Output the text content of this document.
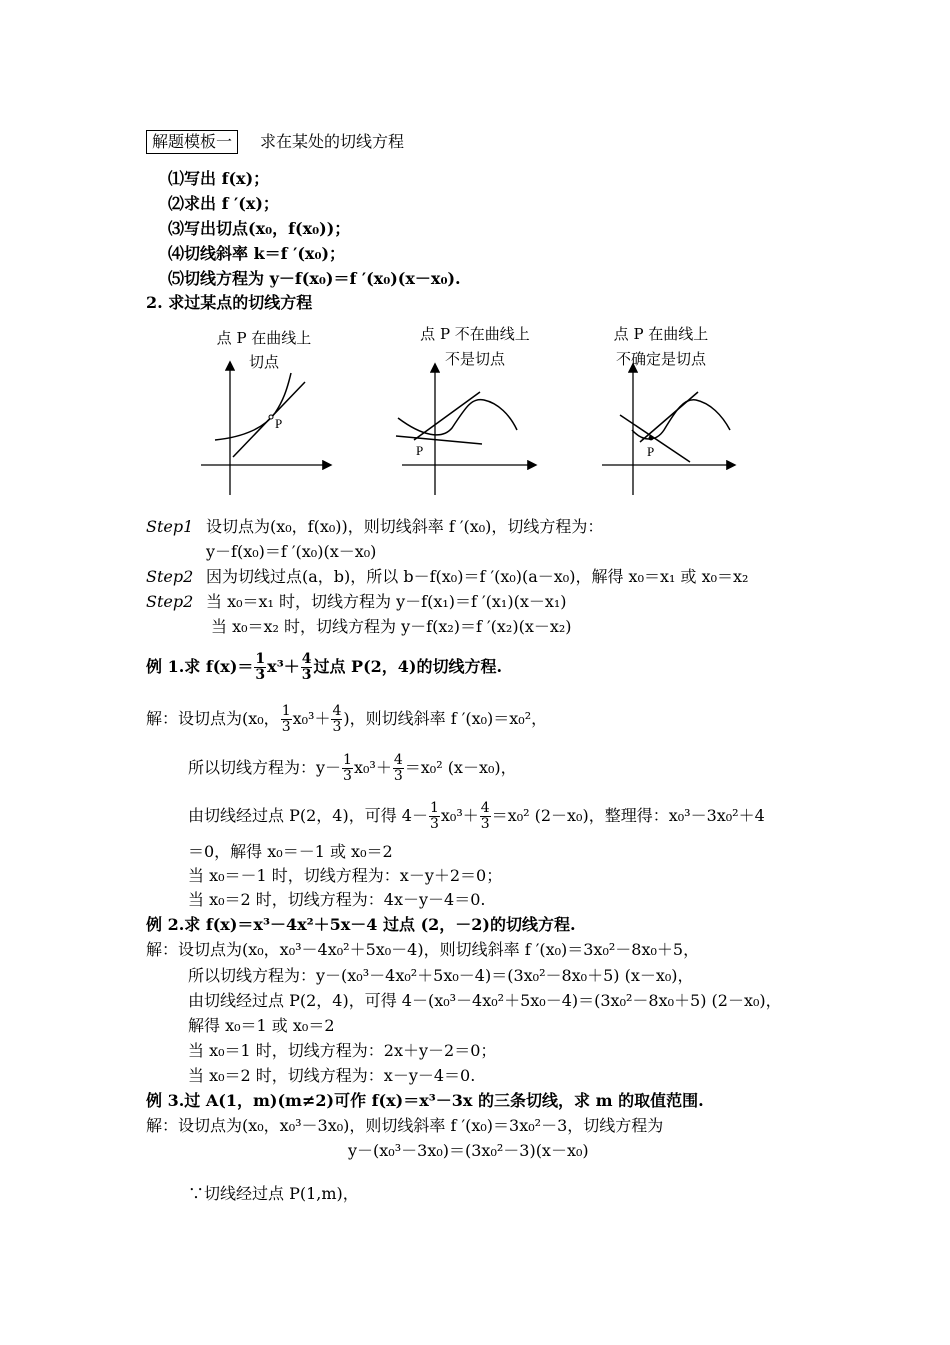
解题模板一 求在某处的切线方程
⑴写出 f(x)；
⑵求出 f ′(x)；
⑶写出切点(x₀，f(x₀))；
⑷切线斜率 k＝f ′(x₀)；
⑸切线方程为 y－f(x₀)＝f ′(x₀)(x－x₀).
2. 求过某点的切线方程
点 P 在曲线上
切点
点 P 不在曲线上
不是切点
点 P 在曲线上
不确定是切点
P
P	P
Step1 设切点为(x₀，f(x₀))，则切线斜率 f ′(x₀)，切线方程为：
y－f(x₀)＝f ′(x₀)(x－x₀)
Step2 因为切线过点(a，b)，所以 b－f(x₀)＝f ′(x₀)(a－x₀)，解得 x₀＝x₁ 或 x₀＝x₂
Step2 当 x₀＝x₁ 时，切线方程为 y－f(x₁)＝f ′(x₁)(x－x₁)
当 x₀＝x₂ 时，切线方程为 y－f(x₂)＝f ′(x₂)(x－x₂)
例 1.求 $f(x)= \frac{1}{3} x^3+ \frac{4}{3}$ 过点 P(2，4)的切线方程.
解：设切点为(x₀， $\frac{1}{3} x_0^3+ \frac{4}{3}$ )，则切线斜率 f ′(x₀)＝x₀²，
所以切线方程为：$y- \frac{1}{3} x_0^3+ \frac{4}{3} =x_0^2$ (x－x₀)，
由切线经过点 P(2，4)，可得 $4- \frac{1}{3} x_0^3+ \frac{4}{3} =x_0^2$ (2－x₀)，整理得：x₀³－3x₀²＋4
＝0，解得 x₀＝－1 或 x₀＝2
当 x₀＝－1 时，切线方程为：x－y＋2＝0；
当 x₀＝2 时，切线方程为：4x－y－4＝0.
例 2.求 f(x)＝x³－4x²＋5x－4 过点 (2，－2)的切线方程.
解：设切点为(x₀，x₀³－4x₀²＋5x₀－4)，则切线斜率 f ′(x₀)＝3x₀²－8x₀＋5，
所以切线方程为：y－(x₀³－4x₀²＋5x₀－4)＝(3x₀²－8x₀＋5) (x－x₀)，
由切线经过点 P(2，4)，可得 4－(x₀³－4x₀²＋5x₀－4)＝(3x₀²－8x₀＋5) (2－x₀)，
解得 x₀＝1 或 x₀＝2
当 x₀＝1 时，切线方程为：2x＋y－2＝0；
当 x₀＝2 时，切线方程为：x－y－4＝0.
例 3.过 A(1，m)(m≠2)可作 f(x)＝x³－3x 的三条切线，求 m 的取值范围.
解：设切点为(x₀，x₀³－3x₀)，则切线斜率 f ′(x₀)＝3x₀²－3，切线方程为
y－(x₀³－3x₀)＝(3x₀²－3)(x－x₀)
∵切线经过点 P(1,m)，
